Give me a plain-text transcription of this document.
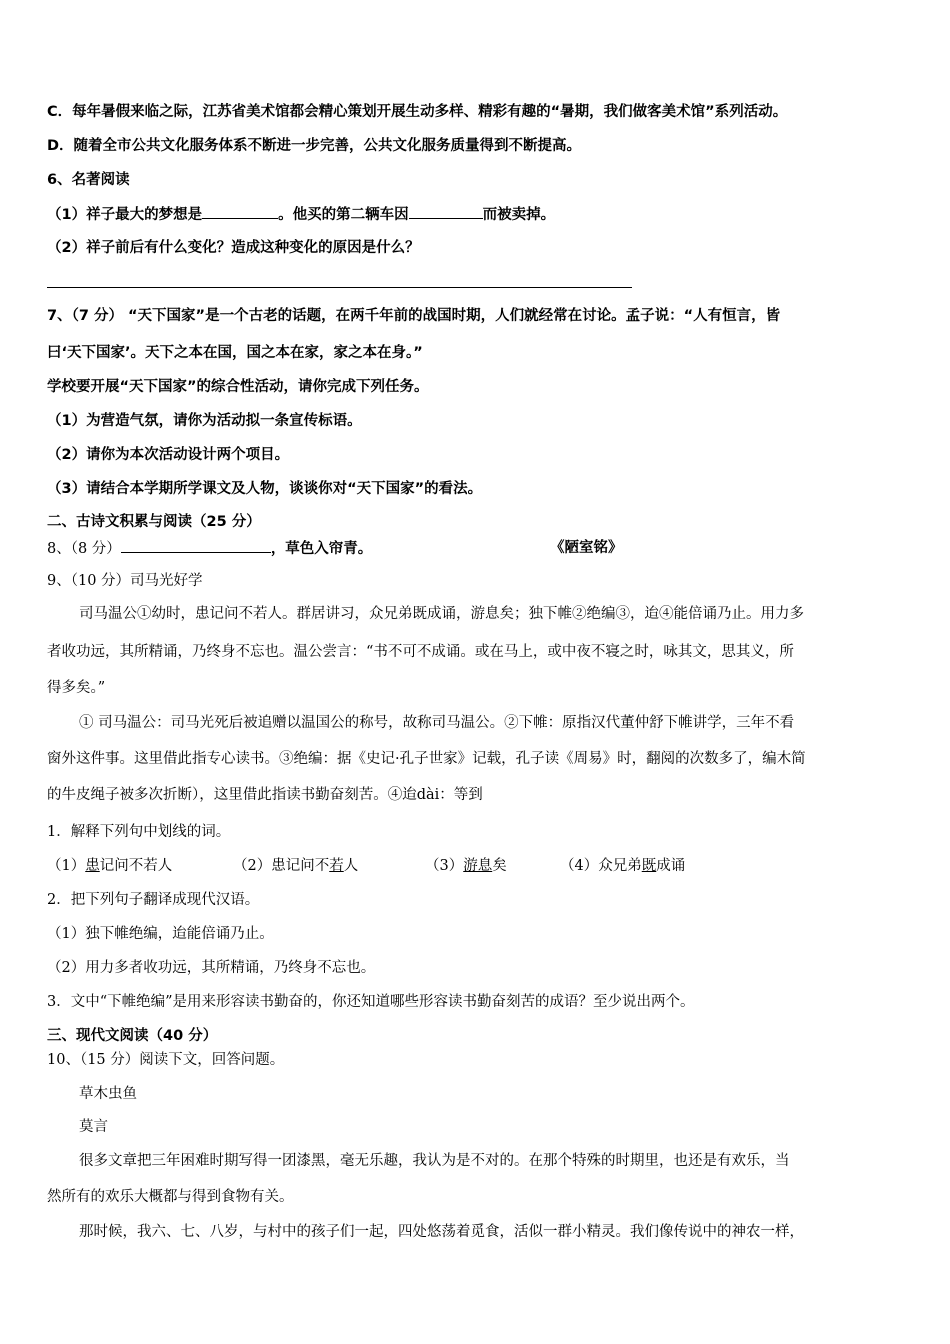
C．每年暑假来临之际，江苏省美术馆都会精心策划开展生动多样、精彩有趣的“暑期，我们做客美术馆”系列活动。
D．随着全市公共文化服务体系不断进一步完善，公共文化服务质量得到不断提高。
6、名著阅读
（1）祥子最大的梦想是	。他买的第二辆车因	而被卖掉。
（2）祥子前后有什么变化？造成这种变化的原因是什么？
7、（7 分） “天下国家”是一个古老的话题，在两千年前的战国时期，人们就经常在讨论。孟子说：“人有恒言，皆
曰‘天下国家’。天下之本在国，国之本在家，家之本在身。”
学校要开展“天下国家”的综合性活动，请你完成下列任务。
（1）为营造气氛，请你为活动拟一条宣传标语。
（2）请你为本次活动设计两个项目。
（3）请结合本学期所学课文及人物，谈谈你对“天下国家”的看法。
二、古诗文积累与阅读（25 分）
8、（8 分）	，草色入帘青。	《陋室铭》
9、（10 分）司马光好学
司马温公①幼时，患记问不若人。群居讲习，众兄弟既成诵，游息矣；独下帷②绝编③，迨④能倍诵乃止。用力多
者收功远，其所精诵，乃终身不忘也。温公尝言：“书不可不成诵。或在马上，或中夜不寝之时，咏其文，思其义，所
得多矣。”
① 司马温公：司马光死后被追赠以温国公的称号，故称司马温公。②下帷：原指汉代董仲舒下帷讲学，三年不看
窗外这件事。这里借此指专心读书。③绝编：据《史记·孔子世家》记载，孔子读《周易》时，翻阅的次数多了，编木简
的牛皮绳子被多次折断），这里借此指读书勤奋刻苦。④迨dài：等到
1．解释下列句中划线的词。
（1）患记问不若人	（2）患记问不若人	（3）游息矣	（4）众兄弟既成诵
2．把下列句子翻译成现代汉语。
（1）独下帷绝编，迨能倍诵乃止。
（2）用力多者收功远，其所精诵，乃终身不忘也。
3．文中“下帷绝编”是用来形容读书勤奋的，你还知道哪些形容读书勤奋刻苦的成语？至少说出两个。
三、现代文阅读（40 分）
10、（15 分）阅读下文，回答问题。
草木虫鱼
莫言
很多文章把三年困难时期写得一团漆黑，毫无乐趣，我认为是不对的。在那个特殊的时期里，也还是有欢乐，当
然所有的欢乐大概都与得到食物有关。
那时候，我六、七、八岁，与村中的孩子们一起，四处悠荡着觅食，活似一群小精灵。我们像传说中的神农一样，
